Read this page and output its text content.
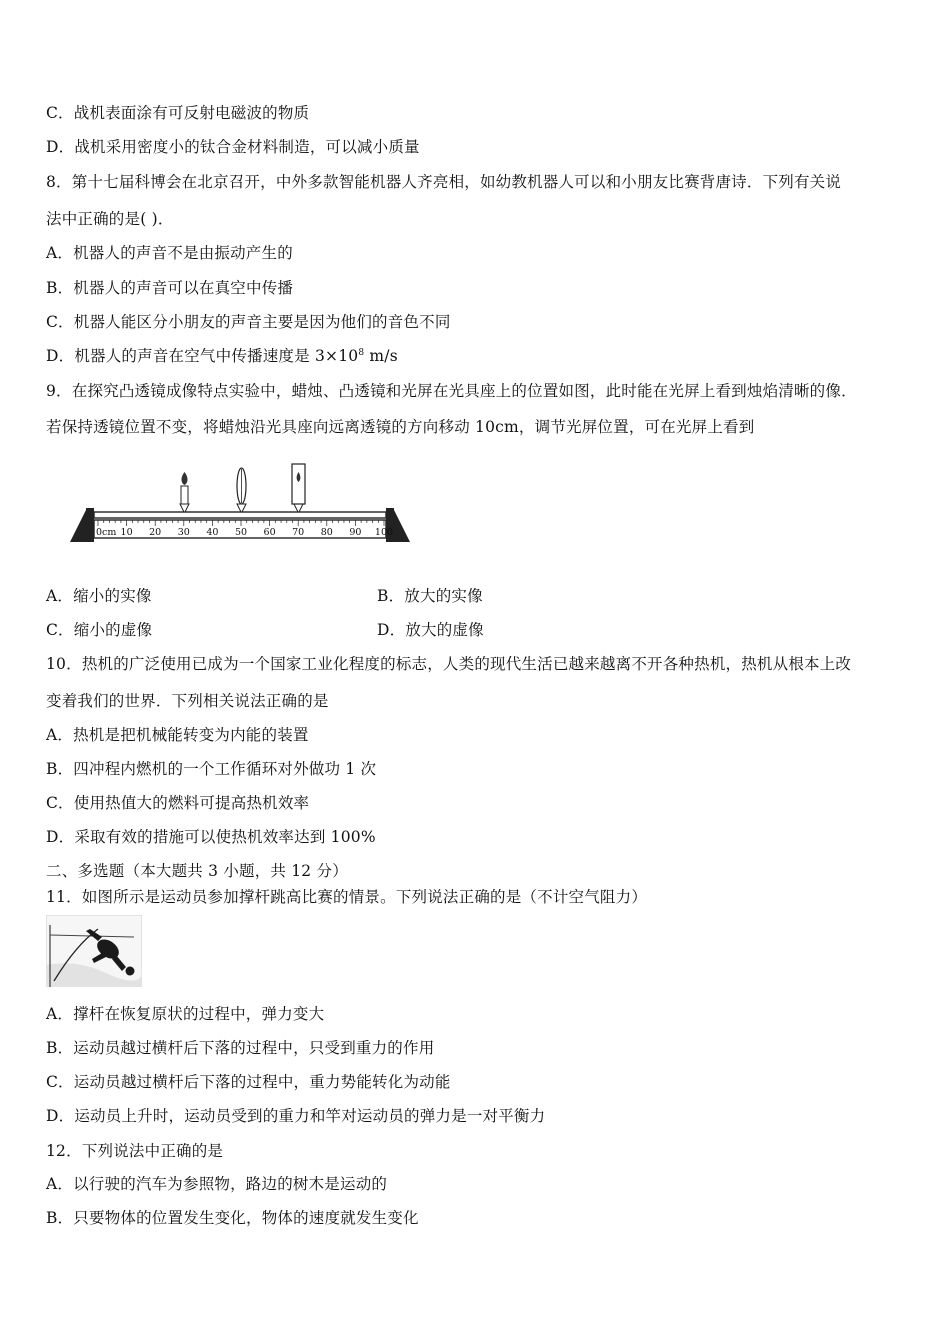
C．战机表面涂有可反射电磁波的物质
D．战机采用密度小的钛合金材料制造，可以减小质量
8．第十七届科博会在北京召开，中外多款智能机器人齐亮相，如幼教机器人可以和小朋友比赛背唐诗．下列有关说
法中正确的是( )．
A．机器人的声音不是由振动产生的
B．机器人的声音可以在真空中传播
C．机器人能区分小朋友的声音主要是因为他们的音色不同
D．机器人的声音在空气中传播速度是 $3\times 10^8$ m/s
9．在探究凸透镜成像特点实验中，蜡烛、凸透镜和光屏在光具座上的位置如图，此时能在光屏上看到烛焰清晰的像．
若保持透镜位置不变，将蜡烛沿光具座向远离透镜的方向移动 10cm，调节光屏位置，可在光屏上看到
0cm 10 20 30 40 50 60 70 80 90 100
A．缩小的实像	B．放大的实像
C．缩小的虚像	D．放大的虚像
10．热机的广泛使用已成为一个国家工业化程度的标志，人类的现代生活已越来越离不开各种热机，热机从根本上改
变着我们的世界．下列相关说法正确的是
A．热机是把机械能转变为内能的装置
B．四冲程内燃机的一个工作循环对外做功 1 次
C．使用热值大的燃料可提高热机效率
D．采取有效的措施可以使热机效率达到 100%
二、多选题（本大题共 3 小题，共 12 分）
11．如图所示是运动员参加撑杆跳高比赛的情景。下列说法正确的是（不计空气阻力）
A．撑杆在恢复原状的过程中，弹力变大
B．运动员越过横杆后下落的过程中，只受到重力的作用
C．运动员越过横杆后下落的过程中，重力势能转化为动能
D．运动员上升时，运动员受到的重力和竿对运动员的弹力是一对平衡力
12．下列说法中正确的是
A．以行驶的汽车为参照物，路边的树木是运动的
B．只要物体的位置发生变化，物体的速度就发生变化
